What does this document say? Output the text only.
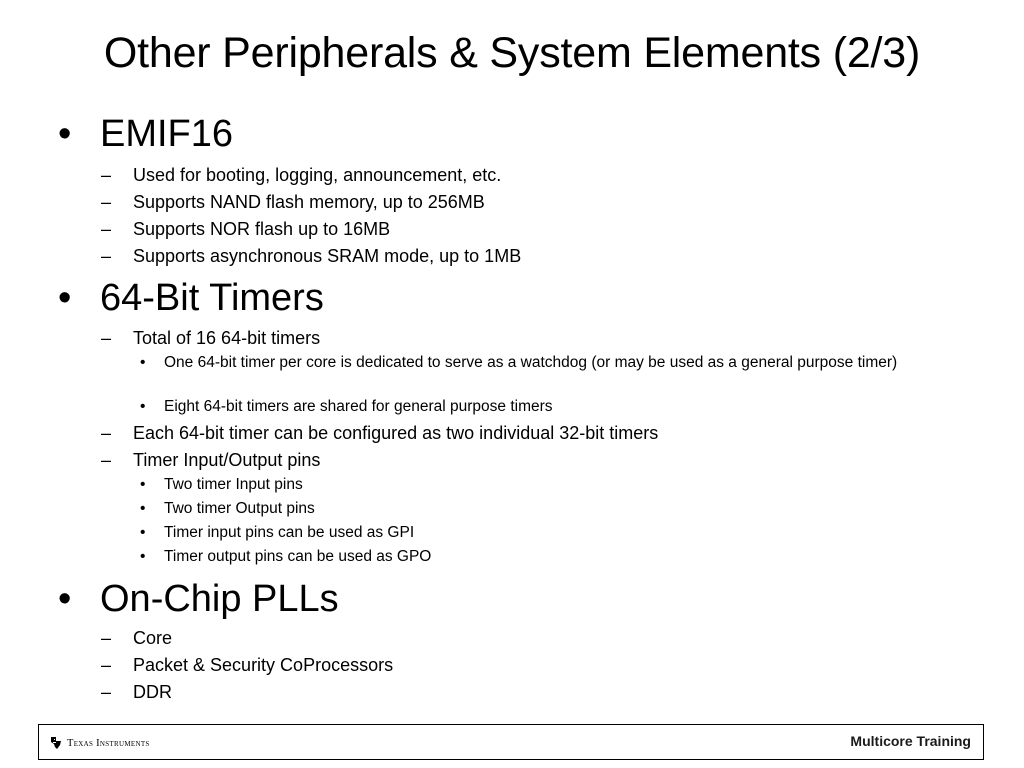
Other Peripherals & System Elements (2/3)
• EMIF16
– Used for booting, logging, announcement, etc.
– Supports NAND flash memory, up to 256MB
– Supports NOR flash up to 16MB
– Supports asynchronous SRAM mode, up to 1MB
• 64-Bit Timers
– Total of 16 64-bit timers
• One 64-bit timer per core is dedicated to serve as a watchdog (or may be used as a general purpose timer)
• Eight 64-bit timers are shared for general purpose timers
– Each 64-bit timer can be configured as two individual 32-bit timers
– Timer Input/Output pins
• Two timer Input pins
• Two timer Output pins
• Timer input pins can be used as GPI
• Timer output pins can be used as GPO
• On-Chip PLLs
– Core
– Packet & Security CoProcessors
– DDR
Texas Instruments	Multicore Training
